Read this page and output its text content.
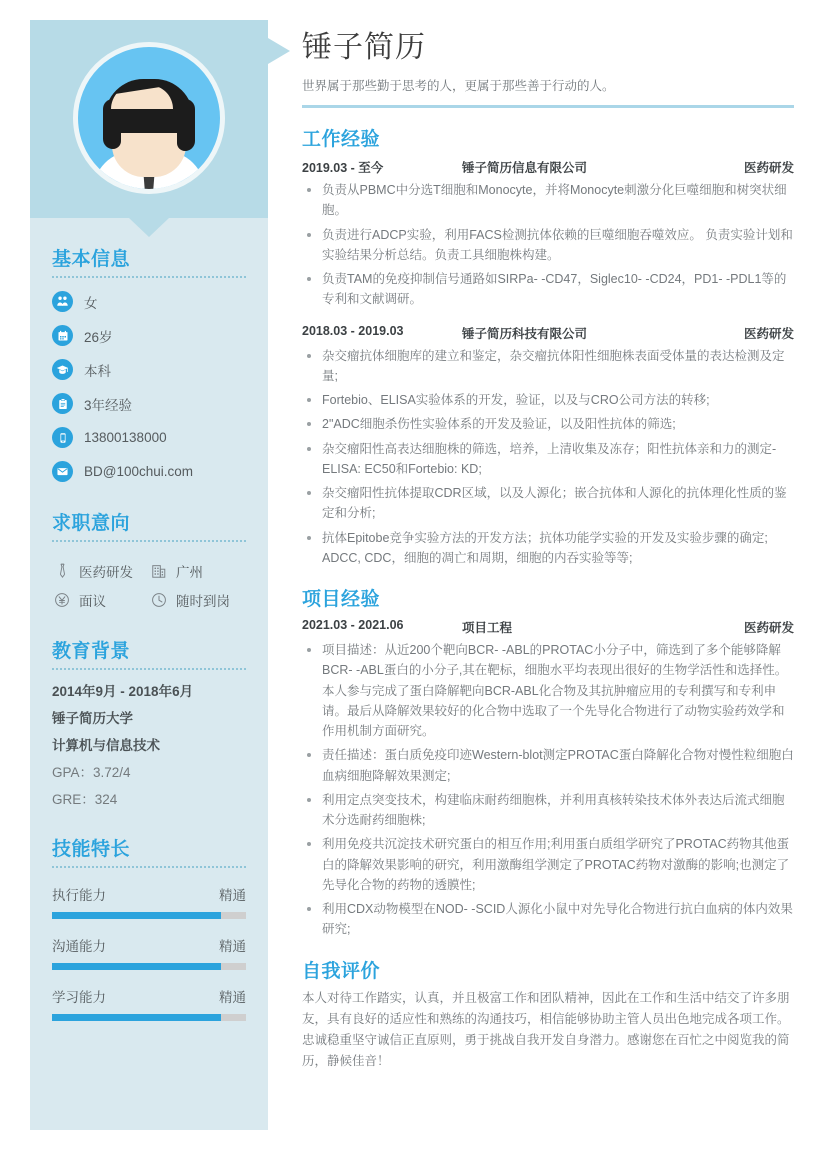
基本信息
女
26岁
本科
3年经验
13800138000
BD@100chui.com
求职意向
医药研发	广州
面议	随时到岗
教育背景
2014年9月 - 2018年6月
锤子简历大学
计算机与信息技术
GPA：3.72/4
GRE：324
技能特长
执行能力	精通
沟通能力	精通
学习能力	精通
锤子简历
世界属于那些勤于思考的人，更属于那些善于行动的人。
工作经验
2019.03 - 至今	锤子简历信息有限公司	医药研发
负责从PBMC中分选T细胞和Monocyte，并将Monocyte刺激分化巨噬细胞和树突状细胞。
负责进行ADCP实验，利用FACS检测抗体依赖的巨噬细胞吞噬效应。 负责实验计划和实验结果分析总结。负责工具细胞株构建。
负责TAM的免疫抑制信号通路如SIRPa- -CD47，Siglec10- -CD24，PD1- -PDL1等的专利和文献调研。
2018.03 - 2019.03	锤子简历科技有限公司	医药研发
杂交瘤抗体细胞库的建立和鉴定，杂交瘤抗体阳性细胞株表面受体量的表达检测及定量;
Fortebio、ELISA实验体系的开发，验证，以及与CRO公司方法的转移;
2"ADC细胞杀伤性实验体系的开发及验证，以及阳性抗体的筛选;
杂交瘤阳性高表达细胞株的筛选，培养，上清收集及冻存；阳性抗体亲和力的测定-ELISA: EC50和Fortebio: KD;
杂交瘤阳性抗体提取CDR区域，以及人源化；嵌合抗体和人源化的抗体理化性质的鉴定和分析;
抗体Epitobe竞争实验方法的开发方法；抗体功能学实验的开发及实验步骤的确定; ADCC, CDC，细胞的凋亡和周期，细胞的内吞实验等等;
项目经验
2021.03 - 2021.06	项目工程	医药研发
项目描述：从近200个靶向BCR- -ABL的PROTAC小分子中，筛选到了多个能够降解BCR- -ABL蛋白的小分子,其在靶标，细胞水平均表现出很好的生物学活性和选择性。本人参与完成了蛋白降解靶向BCR-ABL化合物及其抗肿瘤应用的专利撰写和专利申请。最后从降解效果较好的化合物中选取了一个先导化合物进行了动物实验药效学和作用机制方面研究。
责任描述：蛋白质免疫印迹Western-blot测定PROTAC蛋白降解化合物对慢性粒细胞白血病细胞降解效果测定;
利用定点突变技术，构建临床耐药细胞株，并利用真核转染技术体外表达后流式细胞术分选耐药细胞株;
利用免疫共沉淀技术研究蛋白的相互作用;利用蛋白质组学研究了PROTAC药物其他蛋白的降解效果影响的研究，利用激酶组学测定了PROTAC药物对激酶的影响;也测定了先导化合物的药物的透膜性;
利用CDX动物模型在NOD- -SCID人源化小鼠中对先导化合物进行抗白血病的体内效果研究;
自我评价
本人对待工作踏实，认真，并且极富工作和团队精神，因此在工作和生活中结交了许多朋友，具有良好的适应性和熟练的沟通技巧，相信能够协助主管人员出色地完成各项工作。忠诚稳重坚守诚信正直原则，勇于挑战自我开发自身潜力。感谢您在百忙之中阅览我的简历，静候佳音！
